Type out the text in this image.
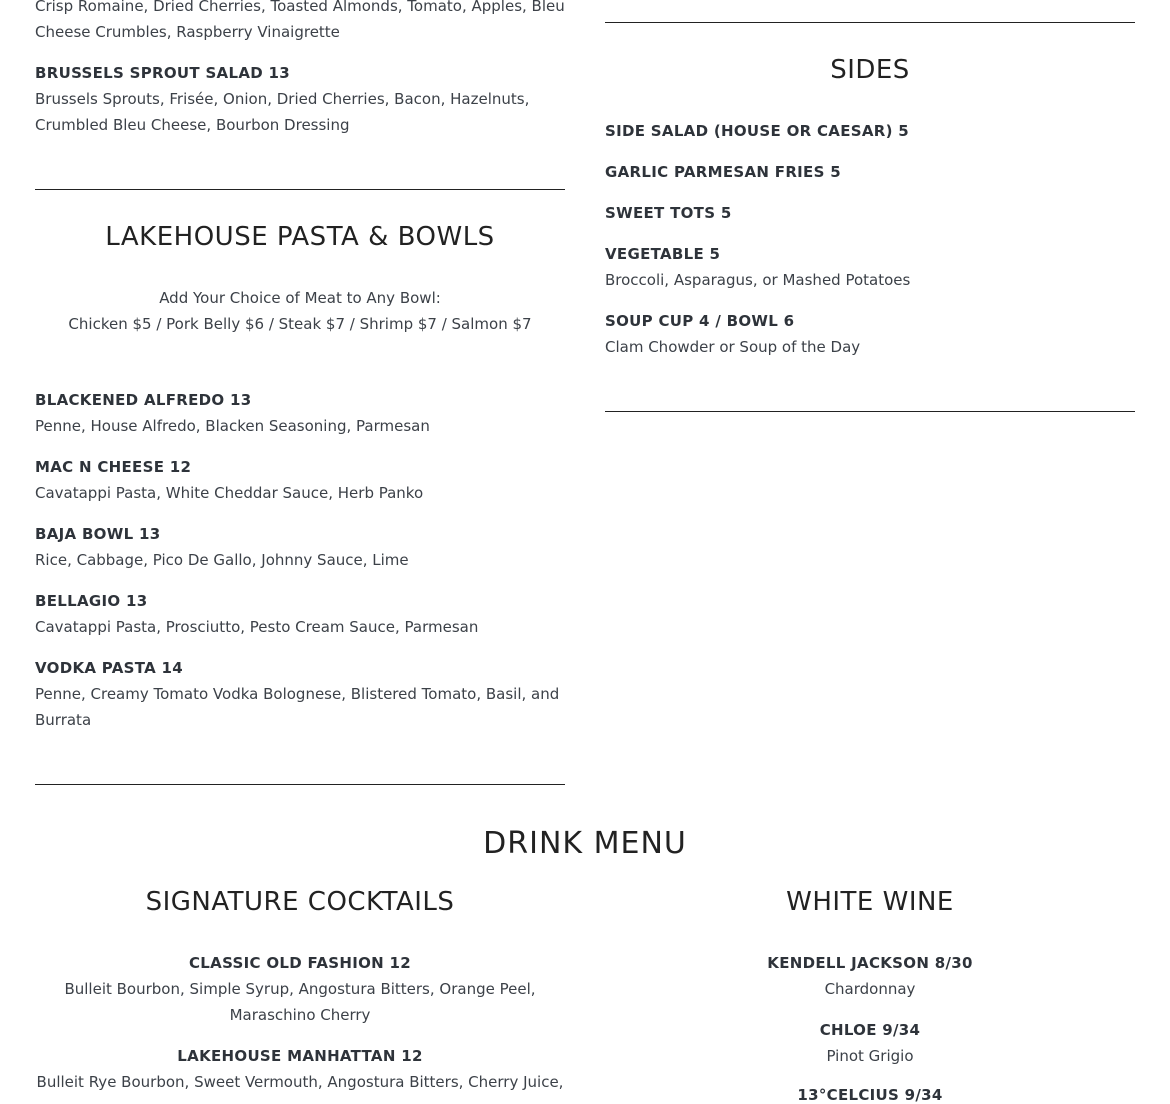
Crisp Romaine, Dried Cherries, Toasted Almonds, Tomato, Apples, Bleu Cheese Crumbles, Raspberry Vinaigrette
BRUSSELS SPROUT SALAD 13
Brussels Sprouts, Frisée, Onion, Dried Cherries, Bacon, Hazelnuts, Crumbled Bleu Cheese, Bourbon Dressing
LAKEHOUSE PASTA & BOWLS
Add Your Choice of Meat to Any Bowl:
Chicken $5 / Pork Belly $6 / Steak $7 / Shrimp $7 / Salmon $7
BLACKENED ALFREDO 13
Penne, House Alfredo, Blacken Seasoning, Parmesan
MAC N CHEESE 12
Cavatappi Pasta, White Cheddar Sauce, Herb Panko
BAJA BOWL 13
Rice, Cabbage, Pico De Gallo, Johnny Sauce, Lime
BELLAGIO 13
Cavatappi Pasta, Prosciutto, Pesto Cream Sauce, Parmesan
VODKA PASTA 14
Penne, Creamy Tomato Vodka Bolognese, Blistered Tomato, Basil, and Burrata
SIDES
SIDE SALAD (HOUSE OR CAESAR) 5
GARLIC PARMESAN FRIES 5
SWEET TOTS 5
VEGETABLE 5
Broccoli, Asparagus, or Mashed Potatoes
SOUP CUP 4 / BOWL 6
Clam Chowder or Soup of the Day
DRINK MENU
SIGNATURE COCKTAILS
CLASSIC OLD FASHION 12
Bulleit Bourbon, Simple Syrup, Angostura Bitters, Orange Peel, Maraschino Cherry
LAKEHOUSE MANHATTAN 12
Bulleit Rye Bourbon, Sweet Vermouth, Angostura Bitters, Cherry Juice,
WHITE WINE
KENDELL JACKSON 8/30
Chardonnay
CHLOE 9/34
Pinot Grigio
13°CELCIUS 9/34
